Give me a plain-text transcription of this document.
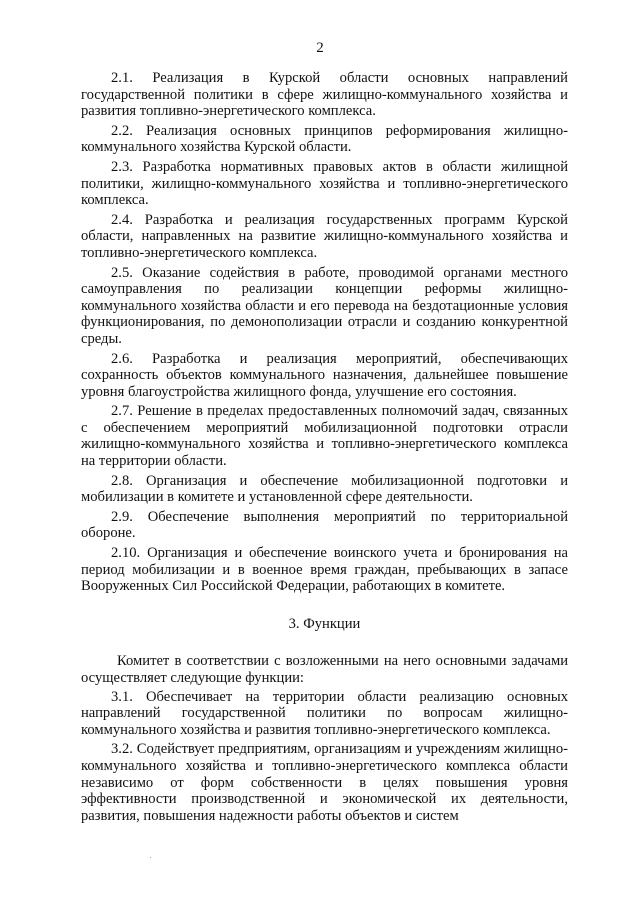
2

2.1. Реализация в Курской области основных направлений государственной политики в сфере жилищно-коммунального хозяйства и развития топливно-энергетического комплекса.

2.2. Реализация основных принципов реформирования жилищно-коммунального хозяйства Курской области.

2.3. Разработка нормативных правовых актов в области жилищной политики, жилищно-коммунального хозяйства и топливно-энергетического комплекса.

2.4. Разработка и реализация государственных программ Курской области, направленных на развитие жилищно-коммунального хозяйства и топливно-энергетического комплекса.

2.5. Оказание содействия в работе, проводимой органами местного самоуправления по реализации концепции реформы жилищно-коммунального хозяйства области и его перевода на бездотационные условия функционирования, по демонополизации отрасли и созданию конкурентной среды.

2.6. Разработка и реализация мероприятий, обеспечивающих сохранность объектов коммунального назначения, дальнейшее повышение уровня благоустройства жилищного фонда, улучшение его состояния.

2.7. Решение в пределах предоставленных полномочий задач, связанных с обеспечением мероприятий мобилизационной подготовки отрасли жилищно-коммунального хозяйства и топливно-энергетического комплекса на территории области.

2.8. Организация и обеспечение мобилизационной подготовки и мобилизации в комитете и установленной сфере деятельности.

2.9. Обеспечение выполнения мероприятий по территориальной обороне.

2.10. Организация и обеспечение воинского учета и бронирования на период мобилизации и в военное время граждан, пребывающих в запасе Вооруженных Сил Российской Федерации, работающих в комитете.

3. Функции

Комитет в соответствии с возложенными на него основными задачами осуществляет следующие функции:

3.1. Обеспечивает на территории области реализацию основных направлений государственной политики по вопросам жилищно-коммунального хозяйства и развития топливно-энергетического комплекса.

3.2. Содействует предприятиям, организациям и учреждениям жилищно-коммунального хозяйства и топливно-энергетического комплекса области независимо от форм собственности в целях повышения уровня эффективности производственной и экономической их деятельности, развития, повышения надежности работы объектов и систем
